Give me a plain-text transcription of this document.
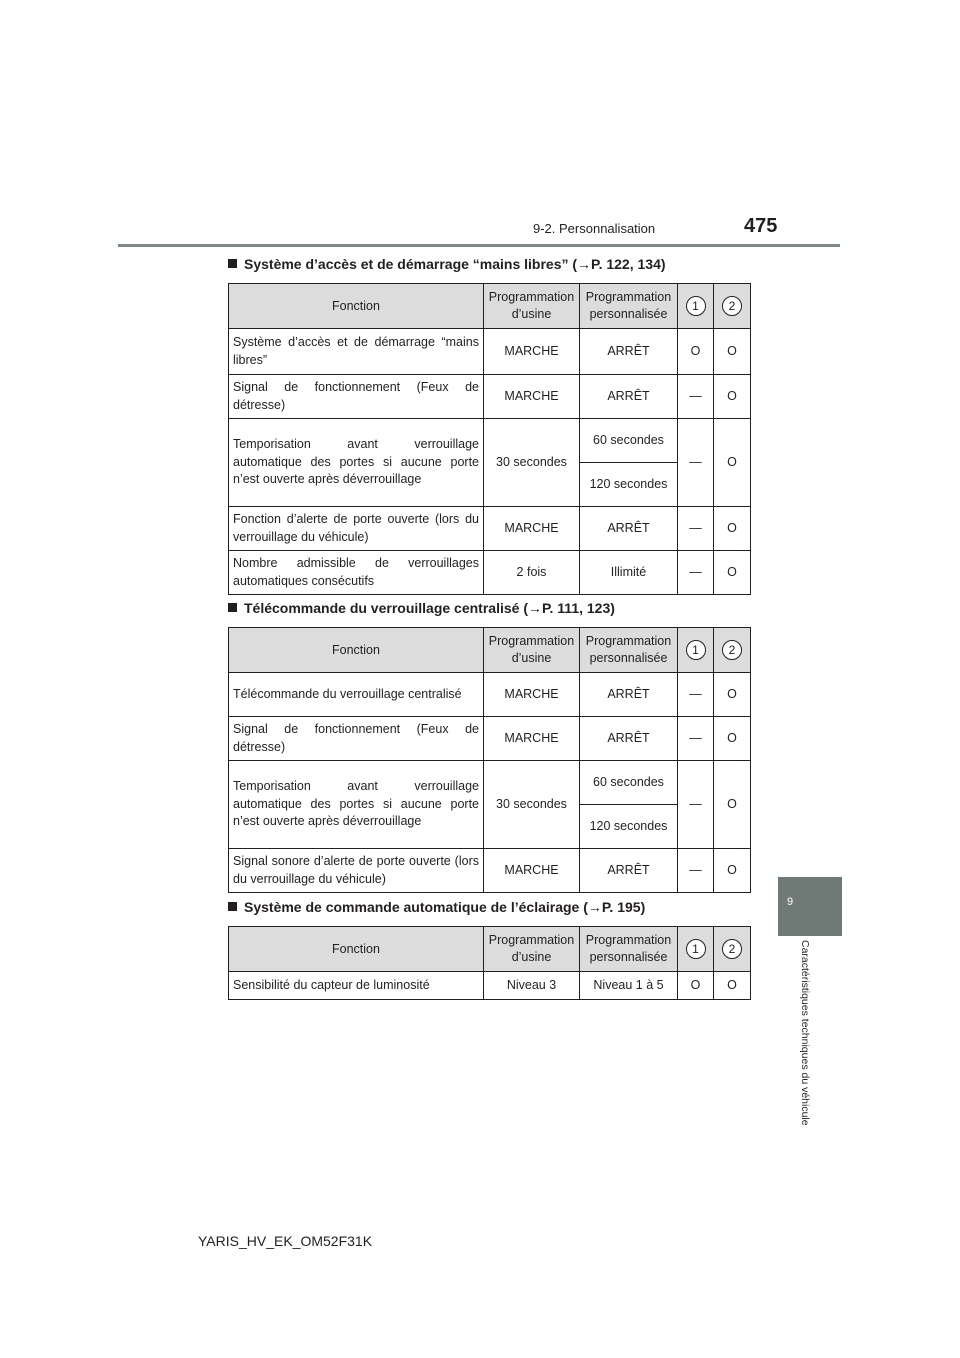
9-2. Personnalisation	475
9
Caractéristiques techniques du véhicule
Système d’accès et de démarrage “mains libres” (→P. 122, 134)
Fonction	Programmation d’usine	Programmation personnalisée	1	2
Système d’accès et de démarrage “mains libres”	MARCHE	ARRÊT	O	O
Signal de fonctionnement (Feux de détresse)	MARCHE	ARRÊT	—	O
Temporisation avant verrouillage automatique des portes si aucune porte n’est ouverte après déverrouillage	30 secondes	60 secondes	—	O
		120 secondes		
Fonction d’alerte de porte ouverte (lors du verrouillage du véhicule)	MARCHE	ARRÊT	—	O
Nombre admissible de verrouillages automatiques consécutifs	2 fois	Illimité	—	O
Télécommande du verrouillage centralisé (→P. 111, 123)
Fonction	Programmation d’usine	Programmation personnalisée	1	2
Télécommande du verrouillage centralisé	MARCHE	ARRÊT	—	O
Signal de fonctionnement (Feux de détresse)	MARCHE	ARRÊT	—	O
Temporisation avant verrouillage automatique des portes si aucune porte n’est ouverte après déverrouillage	30 secondes	60 secondes	—	O
		120 secondes		
Signal sonore d’alerte de porte ouverte (lors du verrouillage du véhicule)	MARCHE	ARRÊT	—	O
Système de commande automatique de l’éclairage (→P. 195)
Fonction	Programmation d’usine	Programmation personnalisée	1	2
Sensibilité du capteur de luminosité	Niveau 3	Niveau 1 à 5	O	O
YARIS_HV_EK_OM52F31K
